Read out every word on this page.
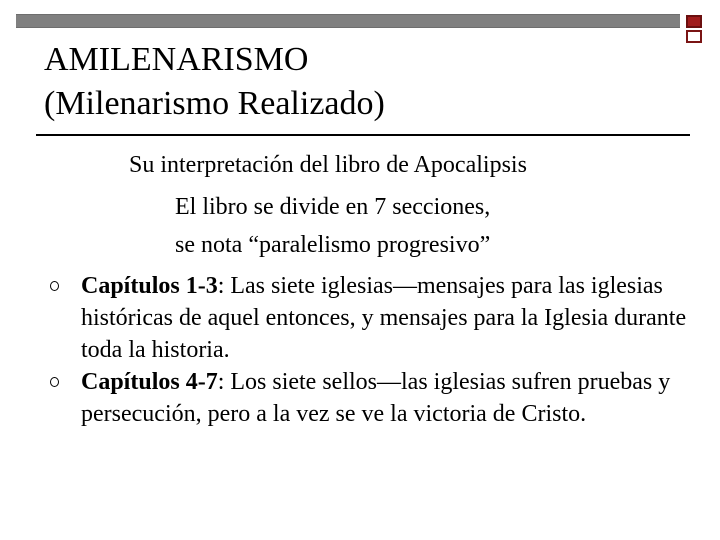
AMILENARISMO
(Milenarismo Realizado)
Su interpretación del libro de Apocalipsis
El libro se divide en 7 secciones,
se nota “paralelismo progresivo”
Capítulos 1-3: Las siete iglesias—mensajes para las iglesias históricas de aquel entonces, y mensajes para la Iglesia durante toda la historia.
Capítulos 4-7: Los siete sellos—las iglesias sufren pruebas y persecución, pero a la vez se ve la victoria de Cristo.
